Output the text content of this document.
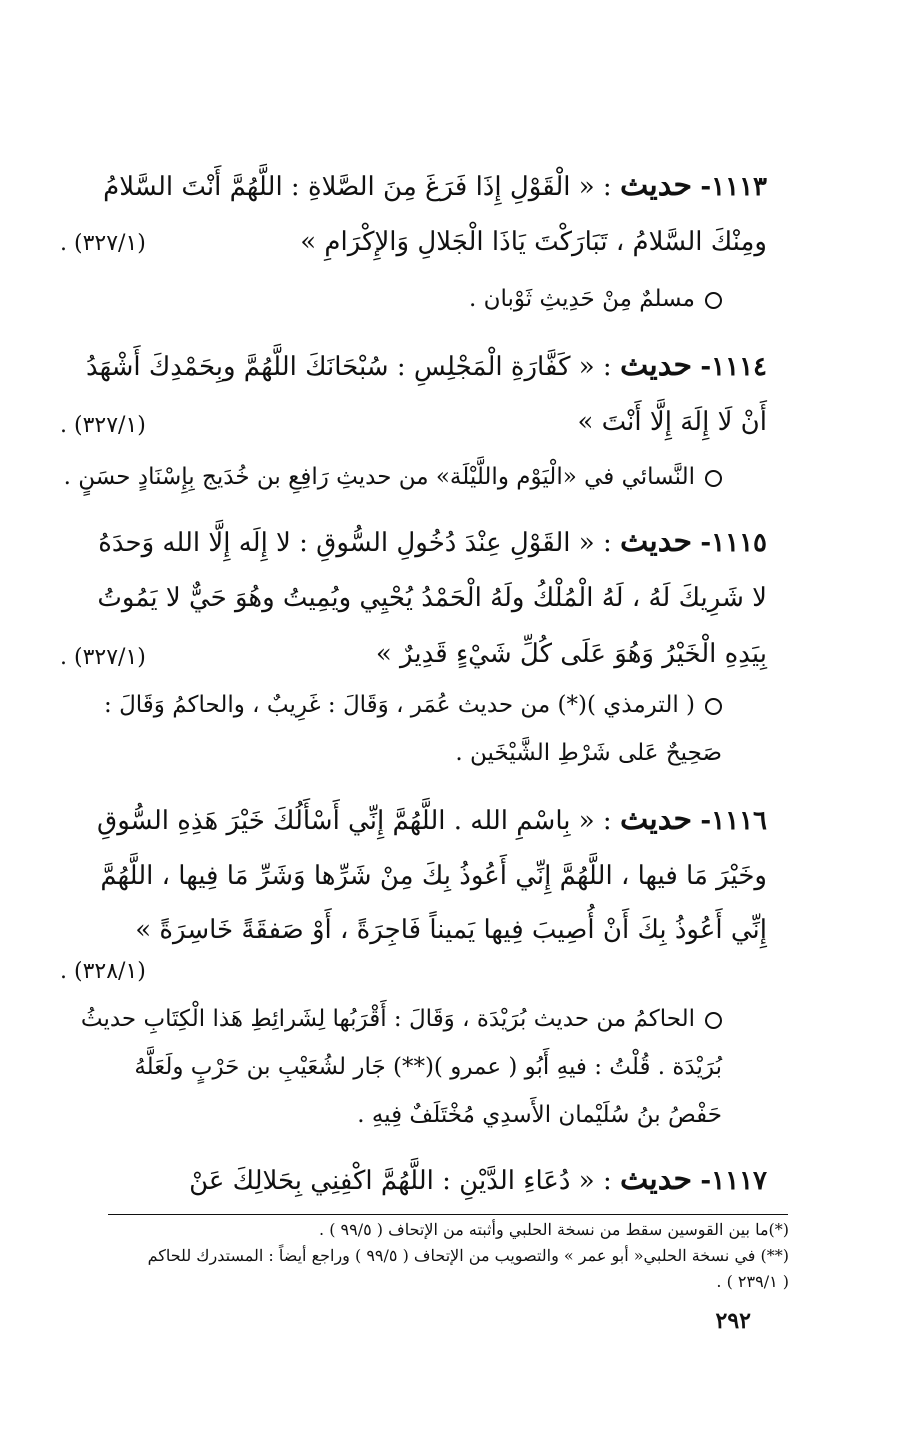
١١١٣- حديث : « الْقَوْلِ إِذَا فَرَغَ مِنَ الصَّلاةِ : اللَّهُمَّ أَنْتَ السَّلامُ
ومِنْكَ السَّلامُ ، تَبَارَكْتَ يَاذَا الْجَلالِ وَالإِكْرَامِ »
(٣٢٧/١) .
مسلمٌ مِنْ حَدِيثِ ثَوْبان .
١١١٤- حديث : « كَفَّارَةِ الْمَجْلِسِ : سُبْحَانَكَ اللَّهُمَّ وبِحَمْدِكَ أَشْهَدُ
أَنْ لَا إِلَهَ إِلَّا أَنْتَ »
(٣٢٧/١) .
النَّسائي في «الْيَوْم واللَّيْلَة» من حديثِ رَافِعِ بن خُدَيج بِإِسْنَادٍ حسَنٍ .
١١١٥- حديث : « القَوْلِ عِنْدَ دُخُولِ السُّوقِ : لا إِلَه إِلَّا الله وَحدَهُ
لا شَرِيكَ لَهُ ، لَهُ الْمُلْكُ ولَهُ الْحَمْدُ يُحْيِي ويُمِيتُ وهُوَ حَيٌّ لا يَمُوتُ
بِيَدِهِ الْخَيْرُ وَهُوَ عَلَى كُلِّ شَيْءٍ قَدِيرٌ »
(٣٢٧/١) .
( الترمذي )(*) من حديث عُمَر ، وَقَالَ : غَرِيبٌ ، والحاكمُ وَقَالَ :
صَحِيحٌ عَلى شَرْطِ الشَّيْخَين .
١١١٦- حديث : « بِاسْمِ الله . اللَّهُمَّ إِنِّي أَسْأَلُكَ خَيْرَ هَذِهِ السُّوقِ
وخَيْرَ مَا فيها ، اللَّهُمَّ إِنِّي أَعُوذُ بِكَ مِنْ شَرِّها وَشَرِّ مَا فِيها ، اللَّهُمَّ
إِنِّي أَعُوذُ بِكَ أَنْ أُصِيبَ فِيها يَميناً فَاجِرَةً ، أَوْ صَفقَةً خَاسِرَةً »
(٣٢٨/١) .
الحاكمُ من حديث بُرَيْدَة ، وَقَالَ : أَقْرَبُها لِشَرائِطِ هَذا الْكِتَابِ حديثُ
بُرَيْدَة . قُلْتُ : فيهِ أَبُو ( عمرو )(**) جَار لشُعَيْبِ بن حَرْبٍ ولَعَلَّهُ
حَفْصُ بنُ سُلَيْمان الأَسدِي مُخْتَلَفٌ فِيهِ .
١١١٧- حديث : « دُعَاءِ الدَّيْنِ : اللَّهُمَّ اكْفِنِي بِحَلالِكَ عَنْ
(*)ما بين القوسين سقط من نسخة الحلبي وأثبته من الإتحاف ( ٩٩/٥ ) .
(**) في نسخة الحلبي« أبو عمر » والتصويب من الإتحاف ( ٩٩/٥ ) وراجع أيضاً : المستدرك للحاكم
( ٢٣٩/١ ) .
٢٩٢
